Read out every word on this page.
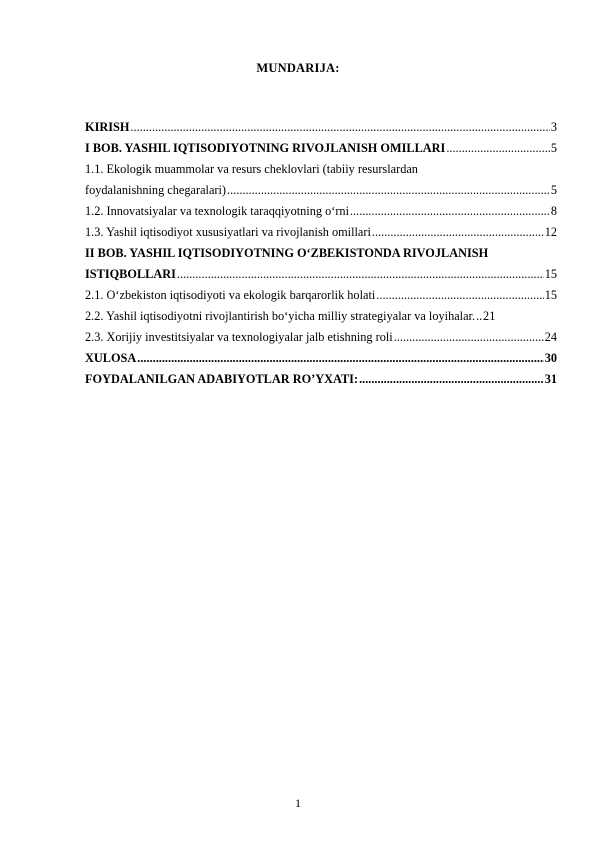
MUNDARIJA:
KIRISH .....	3
I BOB. YASHIL IQTISODIYOTNING RIVOJLANISH OMILLARI .....	5
1.1. Ekologik muammolar va resurs cheklovlari (tabiiy resurslardan
foydalanishning chegaralari) .....	5
1.2. Innovatsiyalar va texnologik taraqqiyotning o‘rni .....	8
1.3. Yashil iqtisodiyot xususiyatlari va rivojlanish omillari .....	12
II BOB. YASHIL IQTISODIYOTNING O‘ZBEKISTONDA RIVOJLANISH
ISTIQBOLLARI .....	15
2.1. O‘zbekiston iqtisodiyoti va ekologik barqarorlik holati .....	15
2.2. Yashil iqtisodiyotni rivojlantirish bo‘yicha milliy strategiyalar va loyihalar. ..... 21
2.3. Xorijiy investitsiyalar va texnologiyalar jalb etishning roli .....	24
XULOSA .....	30
FOYDALANILGAN ADABIYOTLAR RO’YXATI: .....	31
1
